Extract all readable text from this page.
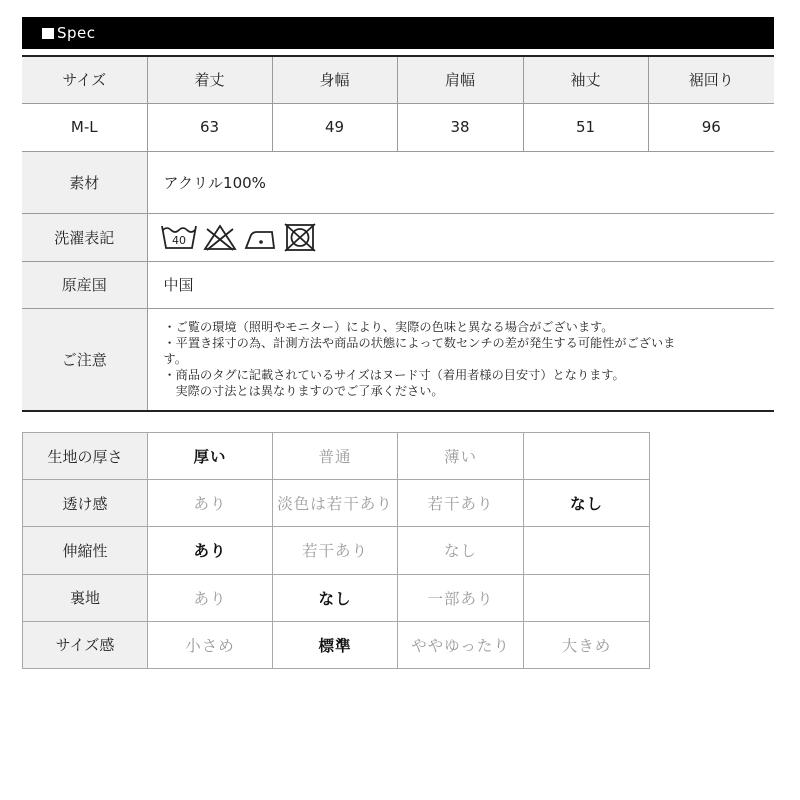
Spec
サイズ	着丈	身幅	肩幅	袖丈	裾回り
M-L	63	49	38	51	96
素材	アクリル100%				
洗濯表記	40				

原産国	中国				
ご注意	・ご覧の環境（照明やモニター）により、実際の色味と異なる場合がございます。
・平置き採寸の為、計測方法や商品の状態によって数センチの差が発生する可能性がございま
す。
・商品のタグに記載されているサイズはヌード寸（着用者様の目安寸）となります。
実際の寸法とは異なりますのでご了承ください。				
生地の厚さ	厚い	普通	薄い	
透け感	あり	淡色は若干あり	若干あり	なし
伸縮性	あり	若干あり	なし	
裏地	あり	なし	一部あり	
サイズ感	小さめ	標準	ややゆったり	大きめ
